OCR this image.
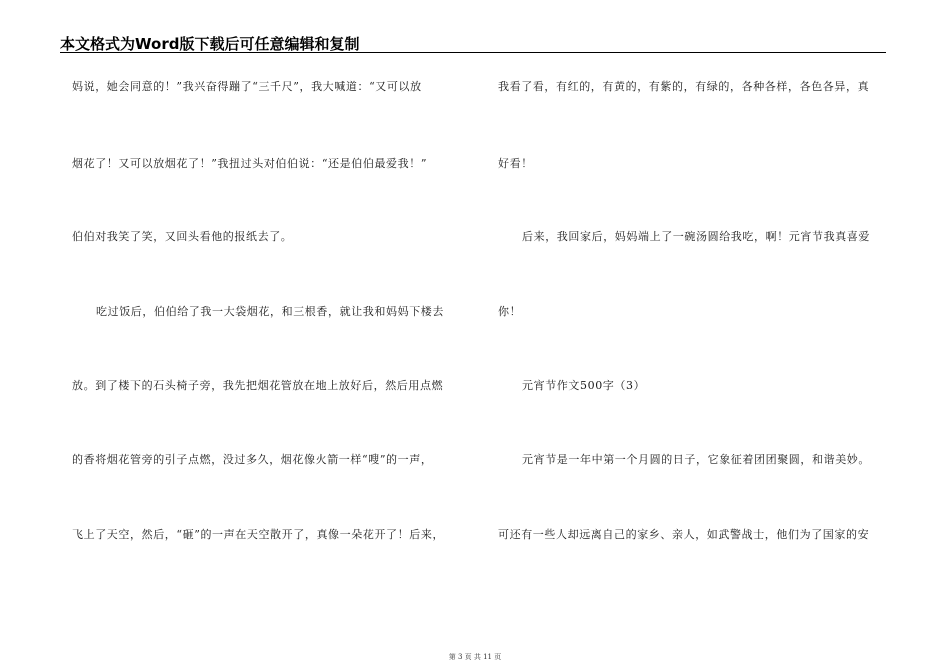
本文格式为Word版下载后可任意编辑和复制
妈说，她会同意的！”我兴奋得蹦了“三千尺”，我大喊道：“又可以放
烟花了！又可以放烟花了！”我扭过头对伯伯说：“还是伯伯最爱我！”
伯伯对我笑了笑，又回头看他的报纸去了。
吃过饭后，伯伯给了我一大袋烟花，和三根香，就让我和妈妈下楼去
放。到了楼下的石头椅子旁，我先把烟花管放在地上放好后，然后用点燃
的香将烟花管旁的引子点燃，没过多久，烟花像火箭一样“嗖”的一声，
飞上了天空，然后，“砸”的一声在天空散开了，真像一朵花开了！后来，
我看了看，有红的，有黄的，有紫的，有绿的，各种各样，各色各异，真
好看！
后来，我回家后，妈妈端上了一碗汤圆给我吃，啊！元宵节我真喜爱
你！
元宵节作文500字（3）
元宵节是一年中第一个月圆的日子，它象征着团团聚圆，和谐美妙。
可还有一些人却远离自己的家乡、亲人，如武警战士，他们为了国家的安
第 3 页 共 11 页
